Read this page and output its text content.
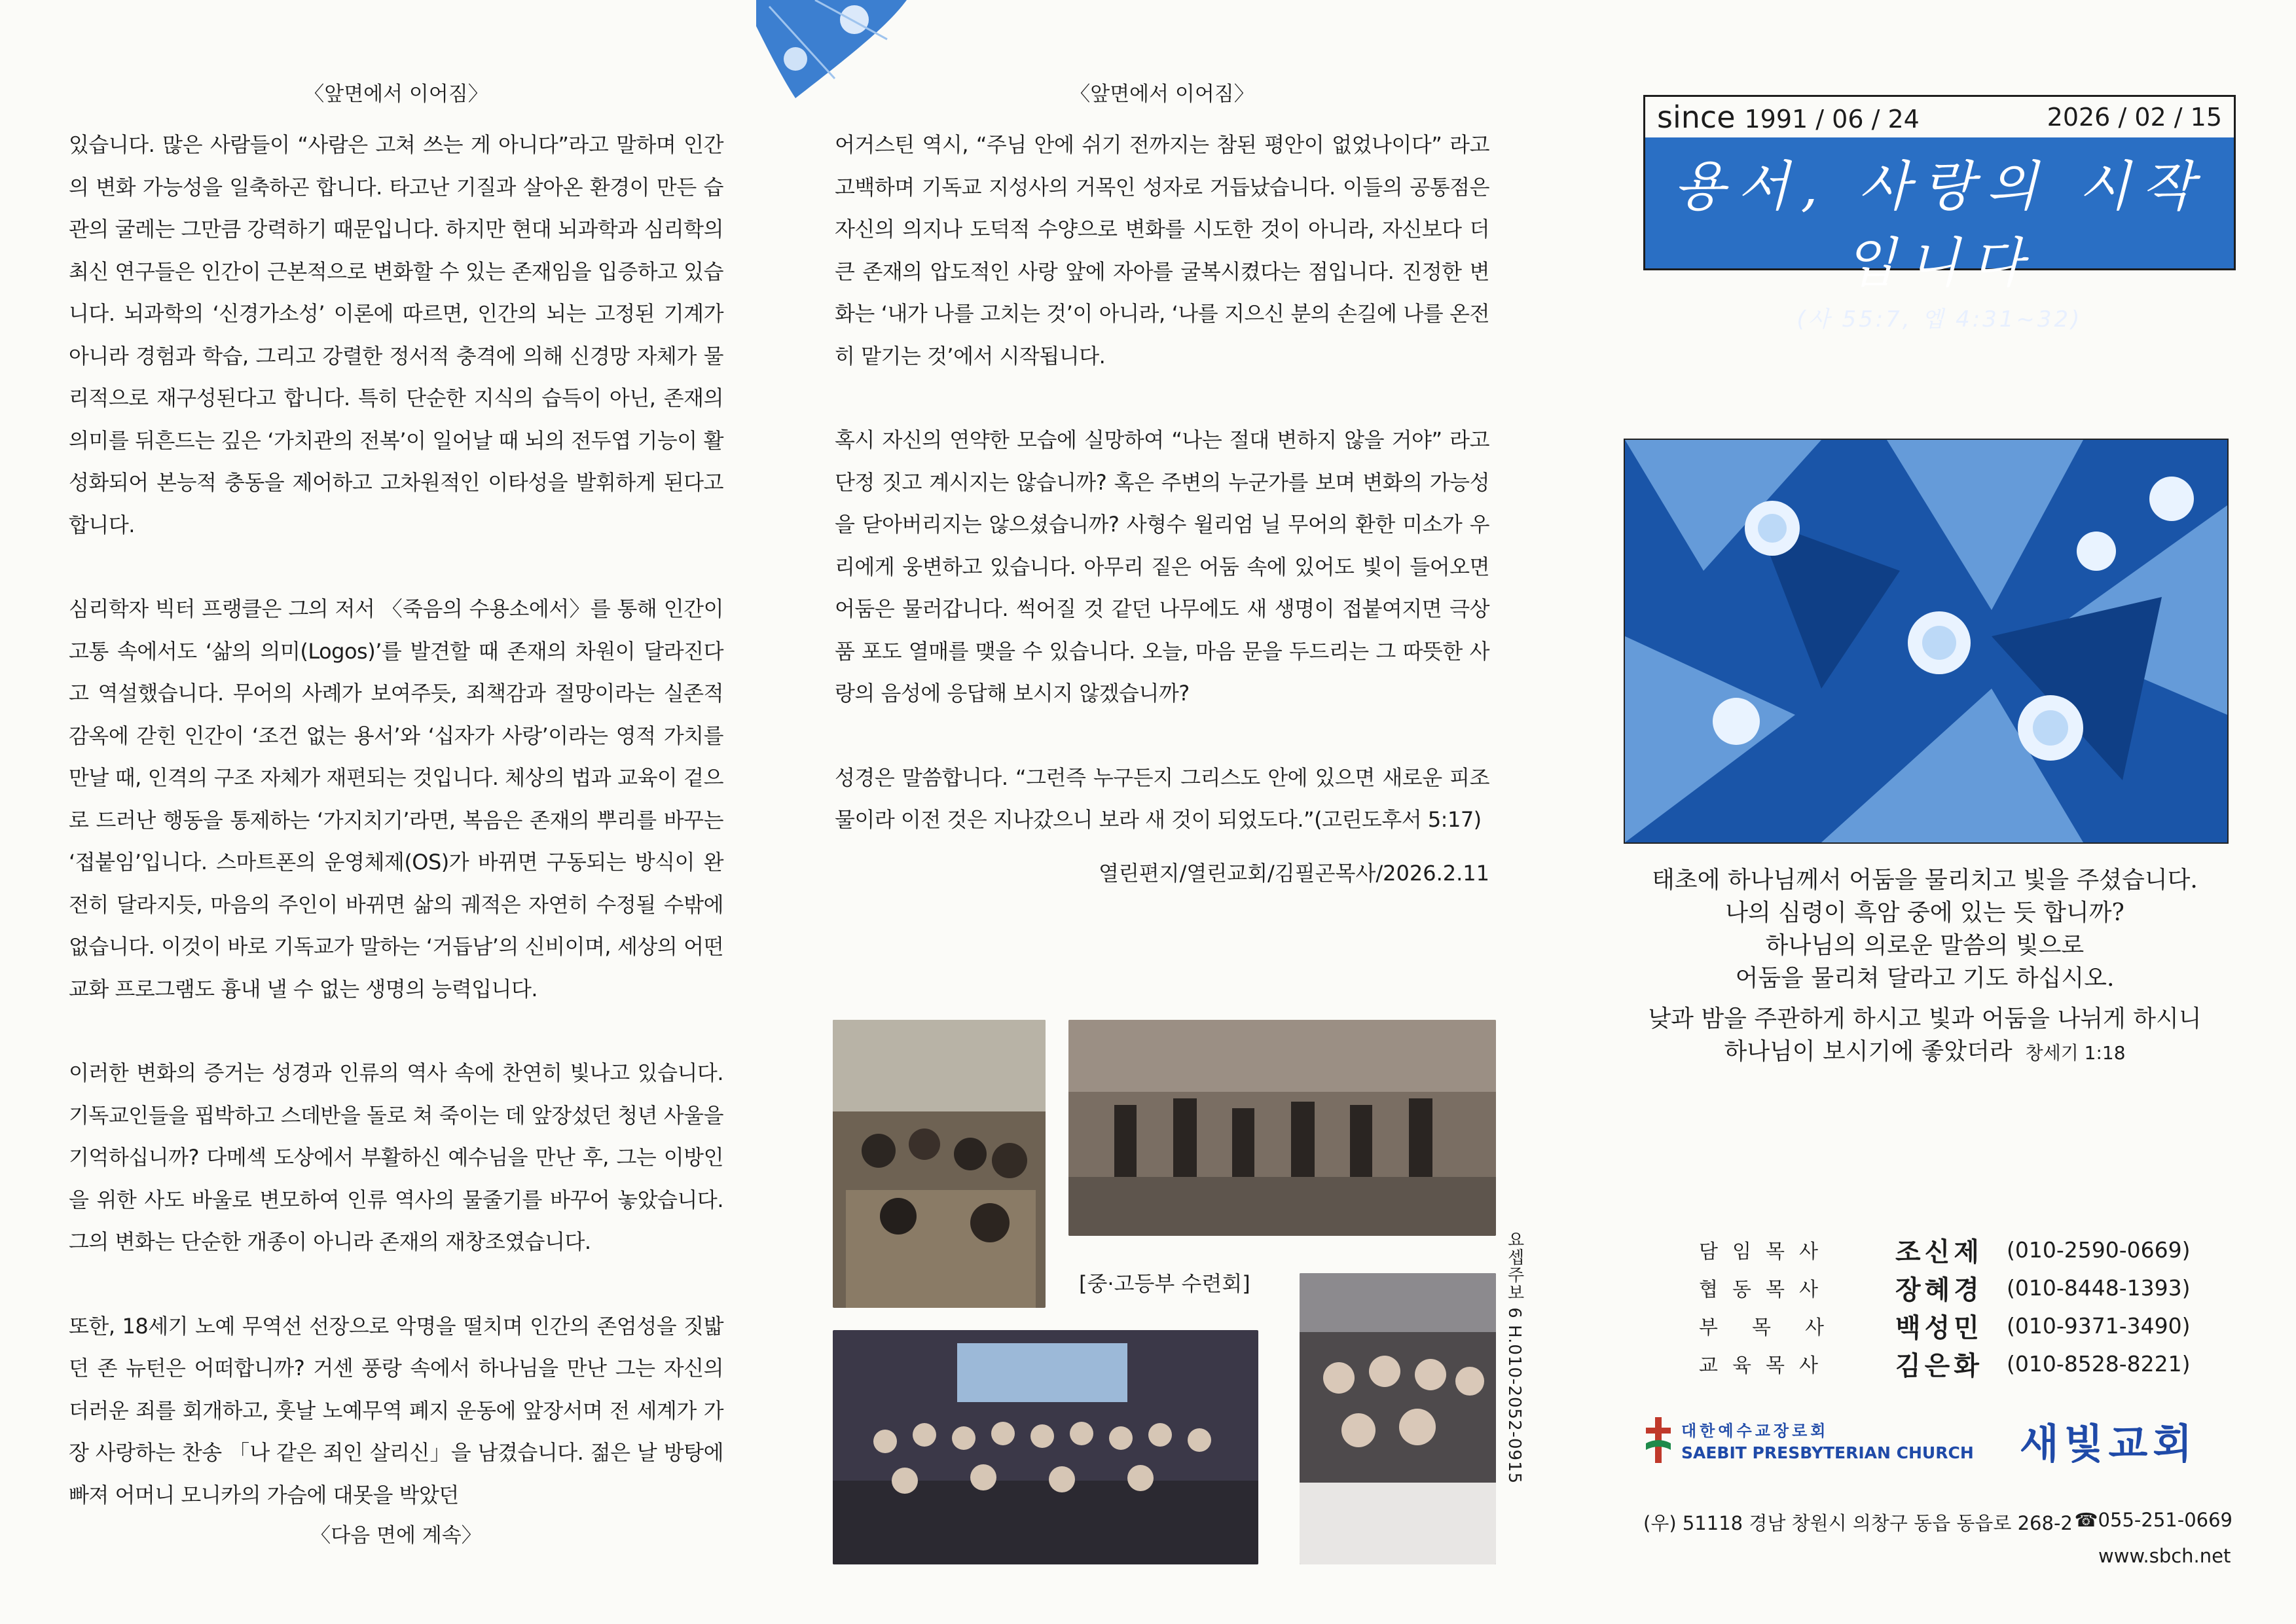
〈앞면에서 이어짐〉

있습니다. 많은 사람들이 “사람은 고쳐 쓰는 게 아니다”라고 말하며 인간의 변화 가능성을 일축하곤 합니다. 타고난 기질과 살아온 환경이 만든 습관의 굴레는 그만큼 강력하기 때문입니다. 하지만 현대 뇌과학과 심리학의 최신 연구들은 인간이 근본적으로 변화할 수 있는 존재임을 입증하고 있습니다. 뇌과학의 ‘신경가소성’ 이론에 따르면, 인간의 뇌는 고정된 기계가 아니라 경험과 학습, 그리고 강렬한 정서적 충격에 의해 신경망 자체가 물리적으로 재구성된다고 합니다. 특히 단순한 지식의 습득이 아닌, 존재의 의미를 뒤흔드는 깊은 ‘가치관의 전복’이 일어날 때 뇌의 전두엽 기능이 활성화되어 본능적 충동을 제어하고 고차원적인 이타성을 발휘하게 된다고 합니다.

심리학자 빅터 프랭클은 그의 저서 〈죽음의 수용소에서〉를 통해 인간이 고통 속에서도 ‘삶의 의미(Logos)’를 발견할 때 존재의 차원이 달라진다고 역설했습니다. 무어의 사례가 보여주듯, 죄책감과 절망이라는 실존적 감옥에 갇힌 인간이 ‘조건 없는 용서’와 ‘십자가 사랑’이라는 영적 가치를 만날 때, 인격의 구조 자체가 재편되는 것입니다. 체상의 법과 교육이 겉으로 드러난 행동을 통제하는 ‘가지치기’라면, 복음은 존재의 뿌리를 바꾸는 ‘접붙임’입니다. 스마트폰의 운영체제(OS)가 바뀌면 구동되는 방식이 완전히 달라지듯, 마음의 주인이 바뀌면 삶의 궤적은 자연히 수정될 수밖에 없습니다. 이것이 바로 기독교가 말하는 ‘거듭남’의 신비이며, 세상의 어떤 교화 프로그램도 흉내 낼 수 없는 생명의 능력입니다.

이러한 변화의 증거는 성경과 인류의 역사 속에 찬연히 빛나고 있습니다. 기독교인들을 핍박하고 스데반을 돌로 쳐 죽이는 데 앞장섰던 청년 사울을 기억하십니까? 다메섹 도상에서 부활하신 예수님을 만난 후, 그는 이방인을 위한 사도 바울로 변모하여 인류 역사의 물줄기를 바꾸어 놓았습니다. 그의 변화는 단순한 개종이 아니라 존재의 재창조였습니다.

또한, 18세기 노예 무역선 선장으로 악명을 떨치며 인간의 존엄성을 짓밟던 존 뉴턴은 어떠합니까? 거센 풍랑 속에서 하나님을 만난 그는 자신의 더러운 죄를 회개하고, 훗날 노예무역 폐지 운동에 앞장서며 전 세계가 가장 사랑하는 찬송 「나 같은 죄인 살리신」을 남겼습니다. 젊은 날 방탕에 빠져 어머니 모니카의 가슴에 대못을 박았던

〈다음 면에 계속〉
〈앞면에서 이어짐〉

어거스틴 역시, “주님 안에 쉬기 전까지는 참된 평안이 없었나이다” 라고 고백하며 기독교 지성사의 거목인 성자로 거듭났습니다. 이들의 공통점은 자신의 의지나 도덕적 수양으로 변화를 시도한 것이 아니라, 자신보다 더 큰 존재의 압도적인 사랑 앞에 자아를 굴복시켰다는 점입니다. 진정한 변화는 ‘내가 나를 고치는 것’이 아니라, ‘나를 지으신 분의 손길에 나를 온전히 맡기는 것’에서 시작됩니다.

혹시 자신의 연약한 모습에 실망하여 “나는 절대 변하지 않을 거야” 라고 단정 짓고 계시지는 않습니까? 혹은 주변의 누군가를 보며 변화의 가능성을 닫아버리지는 않으셨습니까? 사형수 윌리엄 닐 무어의 환한 미소가 우리에게 웅변하고 있습니다. 아무리 짙은 어둠 속에 있어도 빛이 들어오면 어둠은 물러갑니다. 썩어질 것 같던 나무에도 새 생명이 접붙여지면 극상품 포도 열매를 맺을 수 있습니다. 오늘, 마음 문을 두드리는 그 따뜻한 사랑의 음성에 응답해 보시지 않겠습니까?

성경은 말씀합니다. “그런즉 누구든지 그리스도 안에 있으면 새로운 피조물이라 이전 것은 지나갔으니 보라 새 것이 되었도다.”(고린도후서 5:17)

열린편지/열린교회/김필곤목사/2026.2.11
[중·고등부 수련회]	요셉주보 6 H.010-2052-0915
since 1991 / 06 / 24	2026 / 02 / 15
용서, 사랑의 시작입니다
(사 55:7, 엡 4:31~32)
태초에 하나님께서 어둠을 물리치고 빛을 주셨습니다.
나의 심령이 흑암 중에 있는 듯 합니까?
하나님의 의로운 말씀의 빛으로
어둠을 물리쳐 달라고 기도 하십시오.
낮과 밤을 주관하게 하시고 빛과 어둠을 나뉘게 하시니
하나님이 보시기에 좋았더라 창세기 1:18
담임목사	조신제	(010-2590-0669)
협동목사	장혜경	(010-8448-1393)
부목사	백성민	(010-9371-3490)
교육목사	김은화	(010-8528-8221)
대한예수교장로회
SAEBIT PRESBYTERIAN CHURCH 새빛교회
(우) 51118 경남 창원시 의창구 동읍 동읍로 268-2 ☎055-251-0669
www.sbch.net
